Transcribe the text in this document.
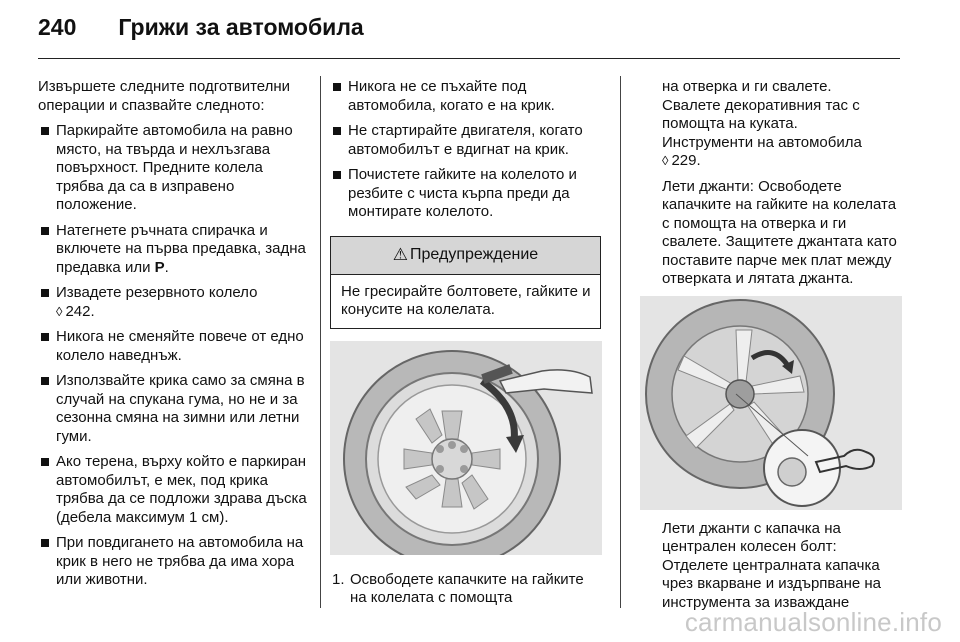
240 Грижи за автомобила
Извършете следните подготвителни операции и спазвайте следното:
Паркирайте автомобила на равно място, на твърда и нехлъзгава повърхност. Предните колела трябва да са в изправено положение.
Натегнете ръчната спирачка и включете на първа предавка, задна предавка или P.
Извадете резервното колело
◊ 242.
Никога не сменяйте повече от едно колело наведнъж.
Използвайте крика само за смяна в случай на спукана гума, но не и за сезонна смяна на зимни или летни гуми.
Ако терена, върху който е паркиран автомобилът, е мек, под крика трябва да се подложи здрава дъска (дебела максимум 1 см).
При повдигането на автомобила на крик в него не трябва да има хора или животни.
Никога не се пъхайте под автомобила, когато е на крик.
Не стартирайте двигателя, когато автомобилът е вдигнат на крик.
Почистете гайките на колелото и резбите с чиста кърпа преди да монтирате колелото.
⚠ Предупреждение
Не гресирайте болтовете, гайките и конусите на колелата.
1. Освободете капачките на гайките на колелата с помощта
на отверка и ги свалете.
Свалете декоративния тас с помощта на куката.
Инструменти на автомобила
◊ 229.
Лети джанти: Освободете капачките на гайките на колелата с помощта на отверка и ги свалете. Защитете джантата като поставите парче мек плат между отверката и лятата джанта.
Лети джанти с капачка на централен колесен болт: Отделете централната капачка чрез вкарване и издърпване на инструмента за изваждане
carmanualsonline.info
